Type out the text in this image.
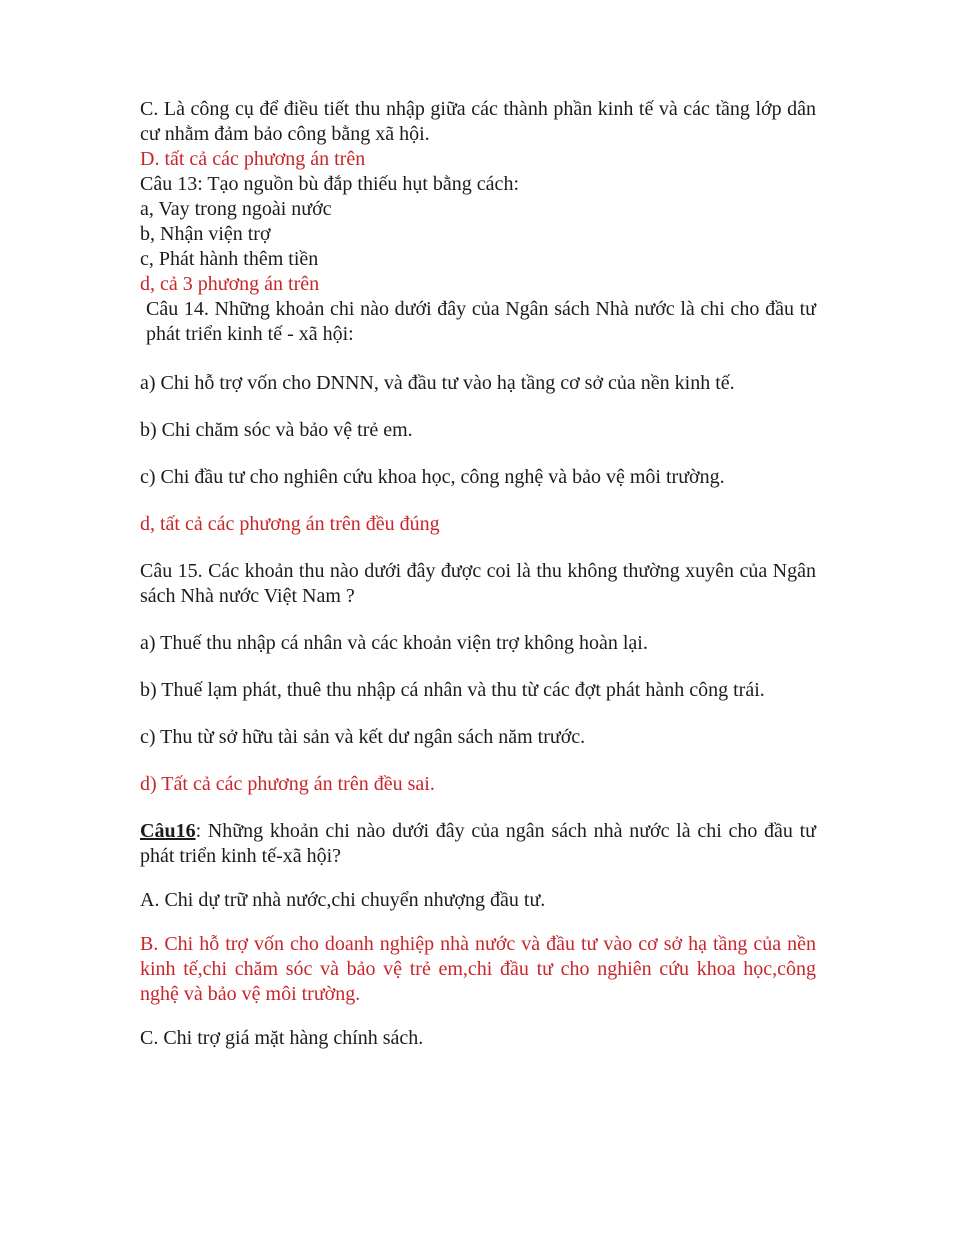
C. Là công cụ để điều tiết thu nhập giữa các thành phần kinh tế và các tầng lớp dân cư nhằm đảm bảo công bằng xã hội.

D. tất cả các phương án trên

Câu 13: Tạo nguồn bù đắp thiếu hụt bằng cách:

a, Vay trong ngoài nước

b, Nhận viện trợ

c, Phát hành thêm tiền

d, cả 3 phương án trên

Câu 14. Những khoản chi nào dưới đây của Ngân sách Nhà nước là chi cho đầu tư phát triển kinh tế - xã hội:

a) Chi hỗ trợ vốn cho DNNN, và đầu tư vào hạ tầng cơ sở của nền kinh tế.

b) Chi chăm sóc và bảo vệ trẻ em.

c) Chi đầu tư cho nghiên cứu khoa học, công nghệ và bảo vệ môi trường.

d, tất cả các phương án trên đều đúng

Câu 15. Các khoản thu nào dưới đây được coi là thu không thường xuyên của Ngân sách Nhà nước Việt Nam ?

a) Thuế thu nhập cá nhân và các khoản viện trợ không hoàn lại.

b) Thuế lạm phát, thuê thu nhập cá nhân và thu từ các đợt phát hành công trái.

c) Thu từ sở hữu tài sản và kết dư ngân sách năm trước.

d) Tất cả các phương án trên đều sai.

Câu16: Những khoản chi nào dưới đây của ngân sách nhà nước là chi cho đầu tư phát triển kinh tế-xã hội?

A. Chi dự trữ nhà nước,chi chuyển nhượng đầu tư.

B. Chi hỗ trợ vốn cho doanh nghiệp nhà nước và đầu tư vào cơ sở hạ tầng của nền kinh tế,chi chăm sóc và bảo vệ trẻ em,chi đầu tư cho nghiên cứu khoa học,công nghệ và bảo vệ môi trường.

C. Chi trợ giá mặt hàng chính sách.
